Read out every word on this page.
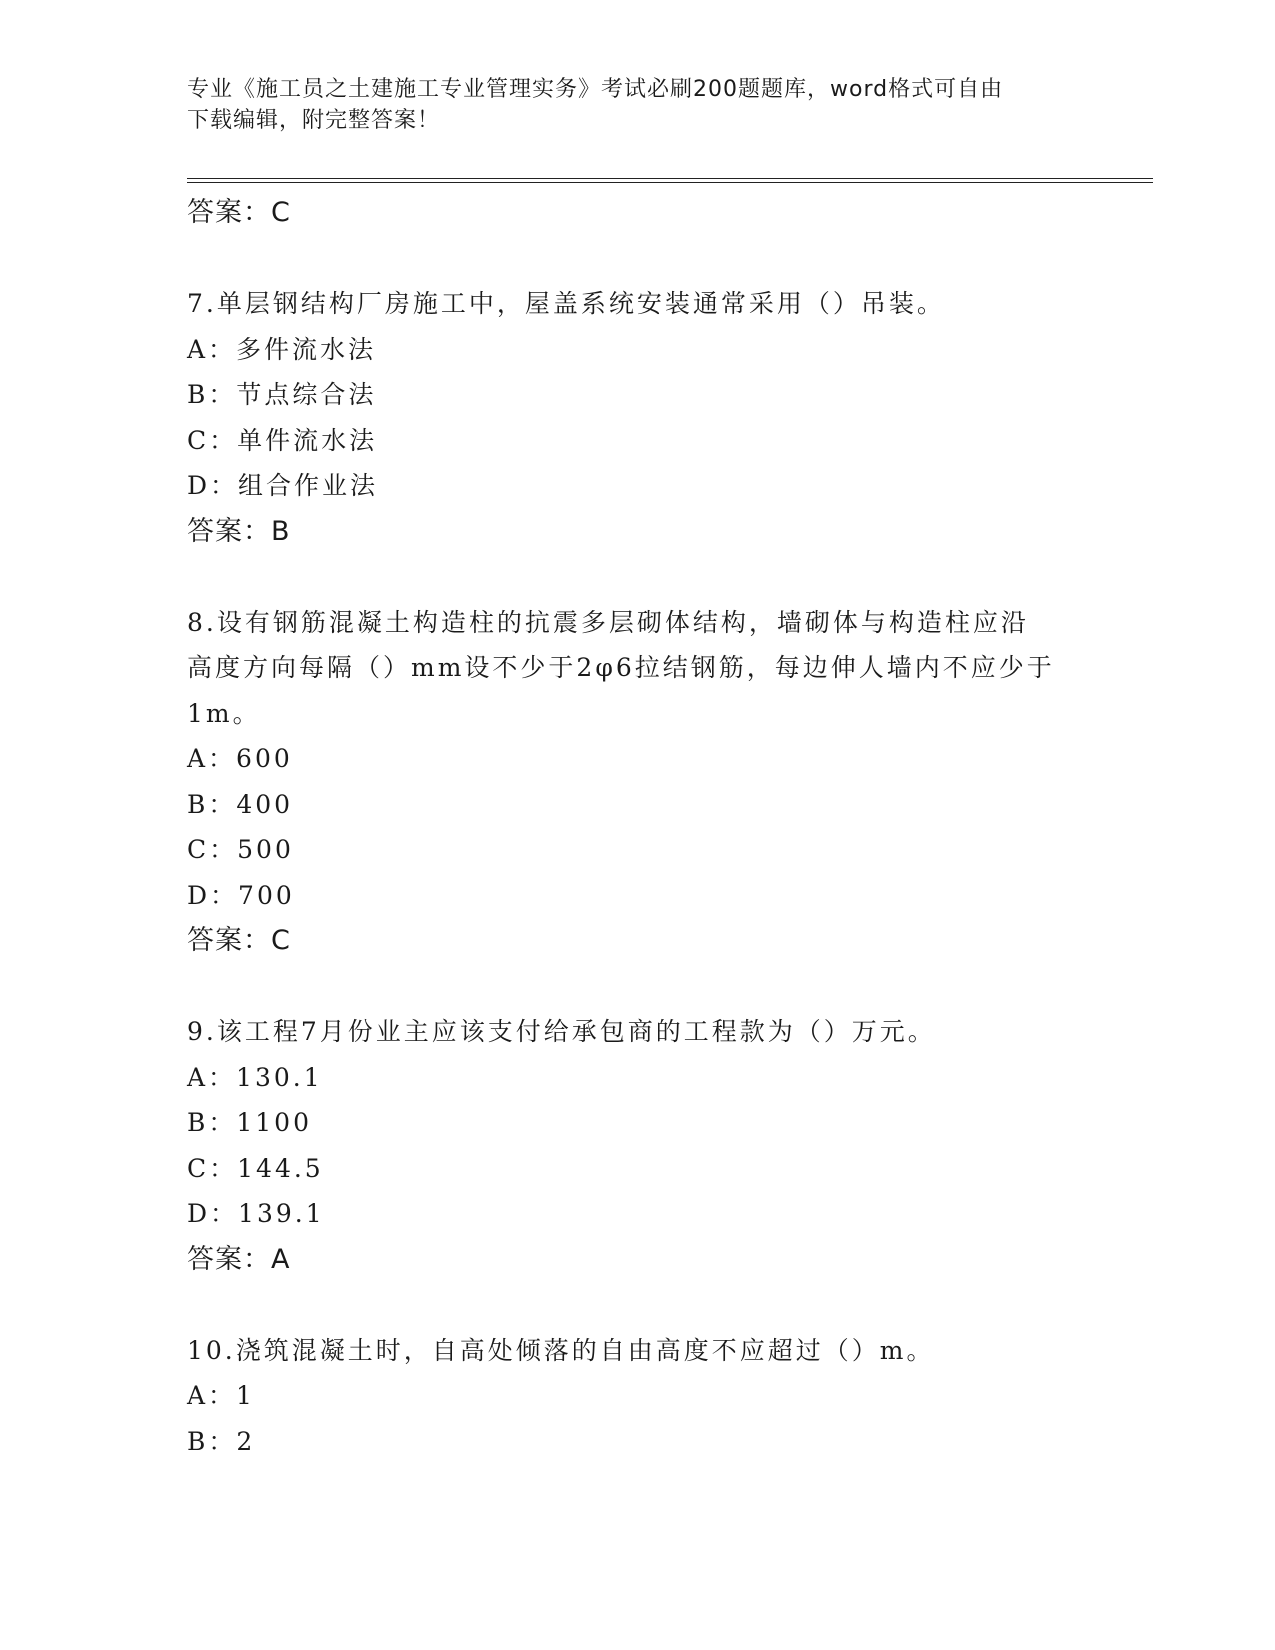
专业《施工员之土建施工专业管理实务》考试必刷200题题库，word格式可自由
下载编辑，附完整答案！
答案：C
7.单层钢结构厂房施工中，屋盖系统安装通常采用（）吊装。
A：多件流水法
B：节点综合法
C：单件流水法
D：组合作业法
答案：B
8.设有钢筋混凝土构造柱的抗震多层砌体结构，墙砌体与构造柱应沿
高度方向每隔（）mm设不少于2φ6拉结钢筋，每边伸人墙内不应少于
1m。
A：600
B：400
C：500
D：700
答案：C
9.该工程7月份业主应该支付给承包商的工程款为（）万元。
A：130.1
B：1100
C：144.5
D：139.1
答案：A
10.浇筑混凝土时，自高处倾落的自由高度不应超过（）m。
A：1
B：2
